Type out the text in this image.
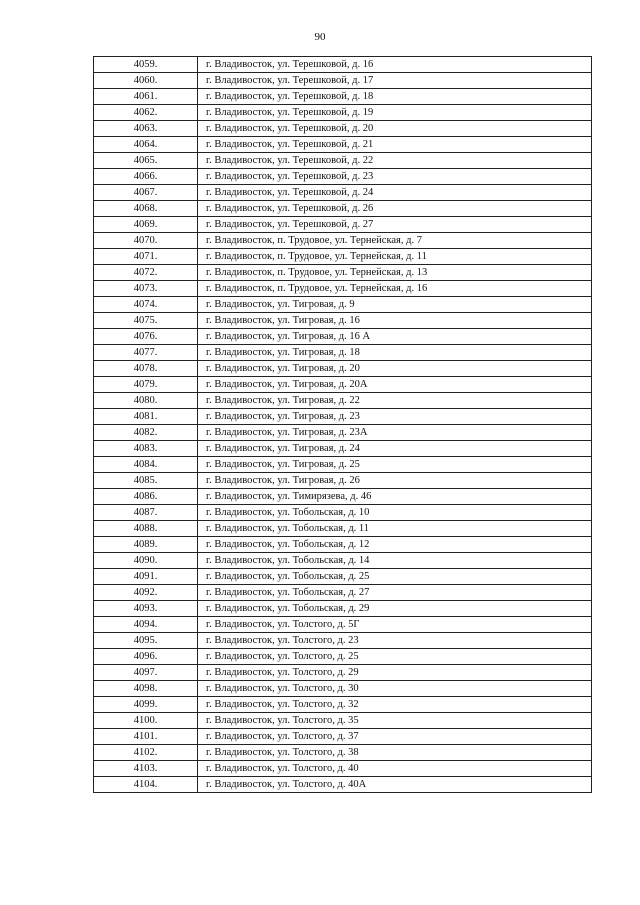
90
4059.	г. Владивосток, ул. Терешковой, д. 16
4060.	г. Владивосток, ул. Терешковой, д. 17
4061.	г. Владивосток, ул. Терешковой, д. 18
4062.	г. Владивосток, ул. Терешковой, д. 19
4063.	г. Владивосток, ул. Терешковой, д. 20
4064.	г. Владивосток, ул. Терешковой, д. 21
4065.	г. Владивосток, ул. Терешковой, д. 22
4066.	г. Владивосток, ул. Терешковой, д. 23
4067.	г. Владивосток, ул. Терешковой, д. 24
4068.	г. Владивосток, ул. Терешковой, д. 26
4069.	г. Владивосток, ул. Терешковой, д. 27
4070.	г. Владивосток, п. Трудовое, ул. Тернейская, д. 7
4071.	г. Владивосток, п. Трудовое, ул. Тернейская, д. 11
4072.	г. Владивосток, п. Трудовое, ул. Тернейская, д. 13
4073.	г. Владивосток, п. Трудовое, ул. Тернейская, д. 16
4074.	г. Владивосток, ул. Тигровая, д. 9
4075.	г. Владивосток, ул. Тигровая, д. 16
4076.	г. Владивосток, ул. Тигровая, д. 16 А
4077.	г. Владивосток, ул. Тигровая, д. 18
4078.	г. Владивосток, ул. Тигровая, д. 20
4079.	г. Владивосток, ул. Тигровая, д. 20А
4080.	г. Владивосток, ул. Тигровая, д. 22
4081.	г. Владивосток, ул. Тигровая, д. 23
4082.	г. Владивосток, ул. Тигровая, д. 23А
4083.	г. Владивосток, ул. Тигровая, д. 24
4084.	г. Владивосток, ул. Тигровая, д. 25
4085.	г. Владивосток, ул. Тигровая, д. 26
4086.	г. Владивосток, ул. Тимирязева, д. 46
4087.	г. Владивосток, ул. Тобольская, д. 10
4088.	г. Владивосток, ул. Тобольская, д. 11
4089.	г. Владивосток, ул. Тобольская, д. 12
4090.	г. Владивосток, ул. Тобольская, д. 14
4091.	г. Владивосток, ул. Тобольская, д. 25
4092.	г. Владивосток, ул. Тобольская, д. 27
4093.	г. Владивосток, ул. Тобольская, д. 29
4094.	г. Владивосток, ул. Толстого, д. 5Г
4095.	г. Владивосток, ул. Толстого, д. 23
4096.	г. Владивосток, ул. Толстого, д. 25
4097.	г. Владивосток, ул. Толстого, д. 29
4098.	г. Владивосток, ул. Толстого, д. 30
4099.	г. Владивосток, ул. Толстого, д. 32
4100.	г. Владивосток, ул. Толстого, д. 35
4101.	г. Владивосток, ул. Толстого, д. 37
4102.	г. Владивосток, ул. Толстого, д. 38
4103.	г. Владивосток, ул. Толстого, д. 40
4104.	г. Владивосток, ул. Толстого, д. 40А
